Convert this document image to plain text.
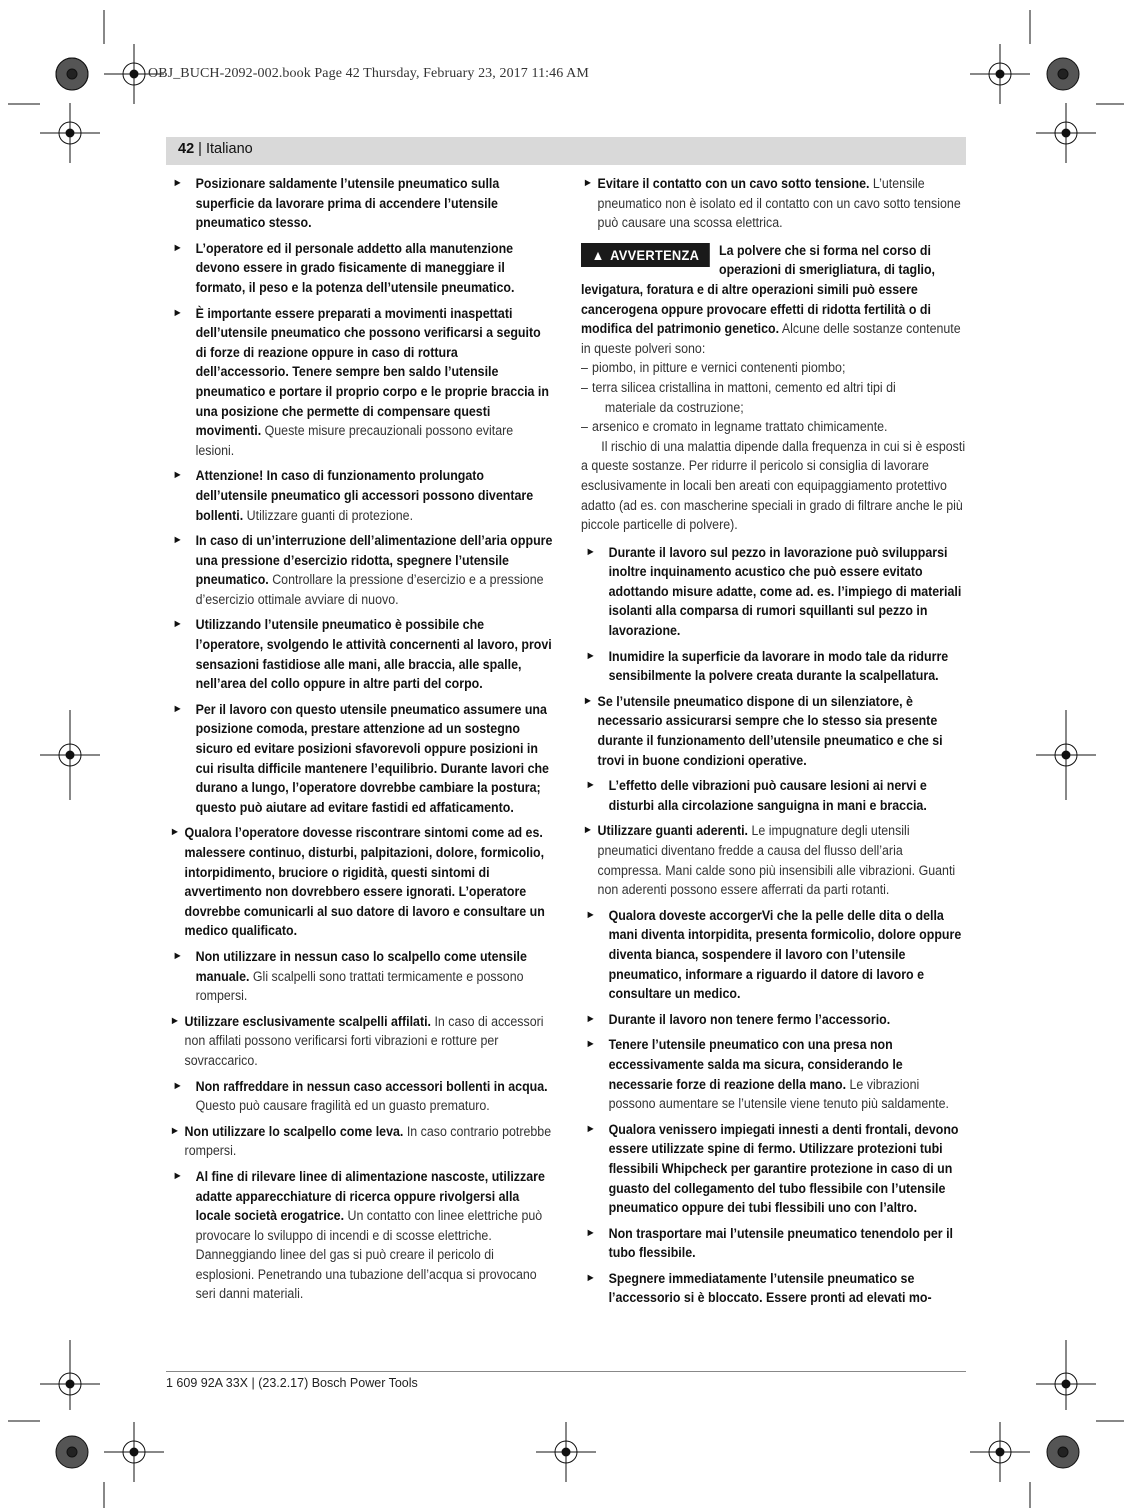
OBJ_BUCH-2092-002.book Page 42 Thursday, February 23, 2017 11:46 AM
42 | Italiano
► Posizionare saldamente l’utensile pneumatico sulla superficie da lavorare prima di accendere l’utensile pneumatico stesso.
► L’operatore ed il personale addetto alla manutenzione devono essere in grado fisicamente di maneggiare il formato, il peso e la potenza dell’utensile pneumatico.
► È importante essere preparati a movimenti inaspettati dell’utensile pneumatico che possono verificarsi a seguito di forze di reazione oppure in caso di rottura dell’accessorio. Tenere sempre ben saldo l’utensile pneumatico e portare il proprio corpo e le proprie braccia in una posizione che permette di compensare questi movimenti. Queste misure precauzionali possono evitare lesioni.
► Attenzione! In caso di funzionamento prolungato dell’utensile pneumatico gli accessori possono diventare bollenti. Utilizzare guanti di protezione.
► In caso di un’interruzione dell’alimentazione dell’aria oppure una pressione d’esercizio ridotta, spegnere l’utensile pneumatico. Controllare la pressione d’esercizio e a pressione d’esercizio ottimale avviare di nuovo.
► Utilizzando l’utensile pneumatico è possibile che l’operatore, svolgendo le attività concernenti al lavoro, provi sensazioni fastidiose alle mani, alle braccia, alle spalle, nell’area del collo oppure in altre parti del corpo.
► Per il lavoro con questo utensile pneumatico assumere una posizione comoda, prestare attenzione ad un sostegno sicuro ed evitare posizioni sfavorevoli oppure posizioni in cui risulta difficile mantenere l’equilibrio. Durante lavori che durano a lungo, l’operatore dovrebbe cambiare la postura; questo può aiutare ad evitare fastidi ed affaticamento.
► Qualora l’operatore dovesse riscontrare sintomi come ad es. malessere continuo, disturbi, palpitazioni, dolore, formicolio, intorpidimento, bruciore o rigidità, questi sintomi di avvertimento non dovrebbero essere ignorati. L’operatore dovrebbe comunicarli al suo datore di lavoro e consultare un medico qualificato.
► Non utilizzare in nessun caso lo scalpello come utensile manuale. Gli scalpelli sono trattati termicamente e possono rompersi.
► Utilizzare esclusivamente scalpelli affilati. In caso di accessori non affilati possono verificarsi forti vibrazioni e rotture per sovraccarico.
► Non raffreddare in nessun caso accessori bollenti in acqua. Questo può causare fragilità ed un guasto prematuro.
► Non utilizzare lo scalpello come leva. In caso contrario potrebbe rompersi.
► Al fine di rilevare linee di alimentazione nascoste, utilizzare adatte apparecchiature di ricerca oppure rivolgersi alla locale società erogatrice. Un contatto con linee elettriche può provocare lo sviluppo di incendi e di scosse elettriche. Danneggiando linee del gas si può creare il pericolo di esplosioni. Penetrando una tubazione dell’acqua si provocano seri danni materiali.
► Evitare il contatto con un cavo sotto tensione. L’utensile pneumatico non è isolato ed il contatto con un cavo sotto tensione può causare una scossa elettrica.
▲ AVVERTENZA	La polvere che si forma nel corso di operazioni di smerigliatura, di taglio, levigatura, foratura e di altre operazioni simili può essere cancerogena oppure provocare effetti di ridotta fertilità o di modifica del patrimonio genetico. Alcune delle sostanze contenute in queste polveri sono:

– piombo, in pitture e vernici contenenti piombo;
– terra silicea cristallina in mattoni, cemento ed altri tipi di
materiale da costruzione;
– arsenico e cromato in legname trattato chimicamente.

Il rischio di una malattia dipende dalla frequenza in cui si è esposti a queste sostanze. Per ridurre il pericolo si consiglia di lavorare esclusivamente in locali ben areati con equipaggiamento protettivo adatto (ad es. con mascherine speciali in grado di filtrare anche le più piccole particelle di polvere).

► Durante il lavoro sul pezzo in lavorazione può svilupparsi inoltre inquinamento acustico che può essere evitato adottando misure adatte, come ad. es. l’impiego di materiali isolanti alla comparsa di rumori squillanti sul pezzo in lavorazione.
► Inumidire la superficie da lavorare in modo tale da ridurre sensibilmente la polvere creata durante la scalpellatura.
► Se l’utensile pneumatico dispone di un silenziatore, è necessario assicurarsi sempre che lo stesso sia presente durante il funzionamento dell’utensile pneumatico e che si trovi in buone condizioni operative.
► L’effetto delle vibrazioni può causare lesioni ai nervi e disturbi alla circolazione sanguigna in mani e braccia.
► Utilizzare guanti aderenti. Le impugnature degli utensili pneumatici diventano fredde a causa del flusso dell’aria compressa. Mani calde sono più insensibili alle vibrazioni. Guanti non aderenti possono essere afferrati da parti rotanti.
► Qualora doveste accorgerVi che la pelle delle dita o della mani diventa intorpidita, presenta formicolio, dolore oppure diventa bianca, sospendere il lavoro con l’utensile pneumatico, informare a riguardo il datore di lavoro e consultare un medico.
► Durante il lavoro non tenere fermo l’accessorio.
► Tenere l’utensile pneumatico con una presa non eccessivamente salda ma sicura, considerando le necessarie forze di reazione della mano. Le vibrazioni possono aumentare se l’utensile viene tenuto più saldamente.
► Qualora venissero impiegati innesti a denti frontali, devono essere utilizzate spine di fermo. Utilizzare protezioni tubi flessibili Whipcheck per garantire protezione in caso di un guasto del collegamento del tubo flessibile con l’utensile pneumatico oppure dei tubi flessibili uno con l’altro.
► Non trasportare mai l’utensile pneumatico tenendolo per il tubo flessibile.
► Spegnere immediatamente l’utensile pneumatico se l’accessorio si è bloccato. Essere pronti ad elevati mo-
1 609 92A 33X | (23.2.17) Bosch Power Tools
